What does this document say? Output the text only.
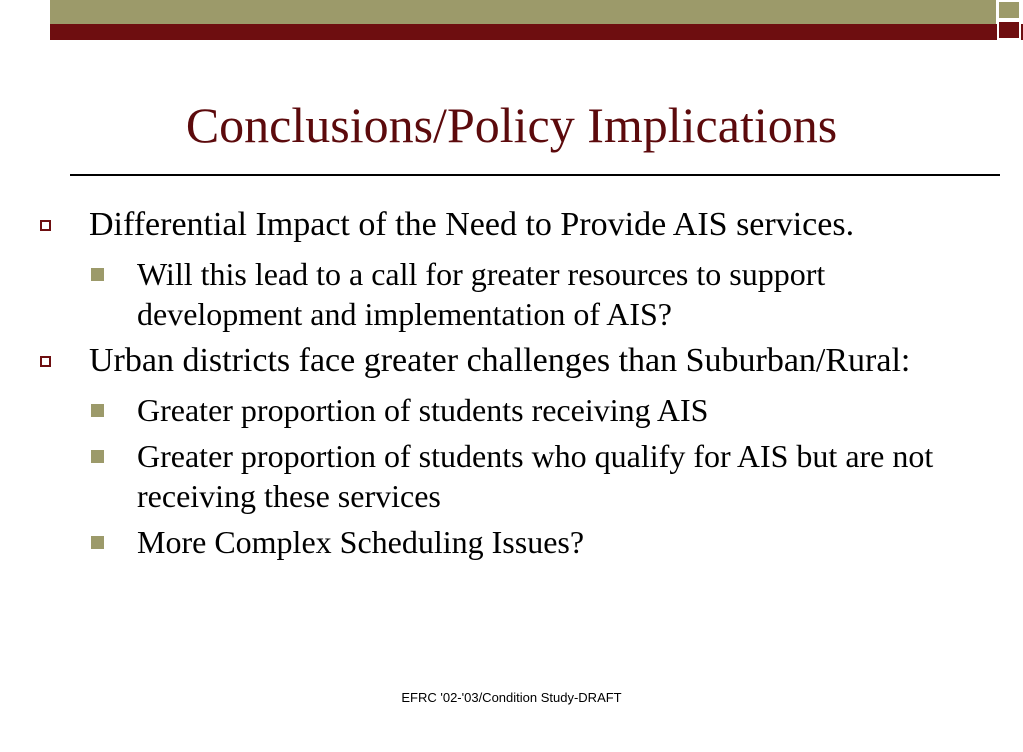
Conclusions/Policy Implications
Differential Impact of the Need to Provide AIS services.
Will this lead to a call for greater resources to support development and implementation of AIS?
Urban districts face greater challenges than Suburban/Rural:
Greater proportion of students receiving AIS
Greater proportion of students who qualify for AIS but are not receiving these services
More Complex Scheduling Issues?
EFRC '02-'03/Condition Study-DRAFT
